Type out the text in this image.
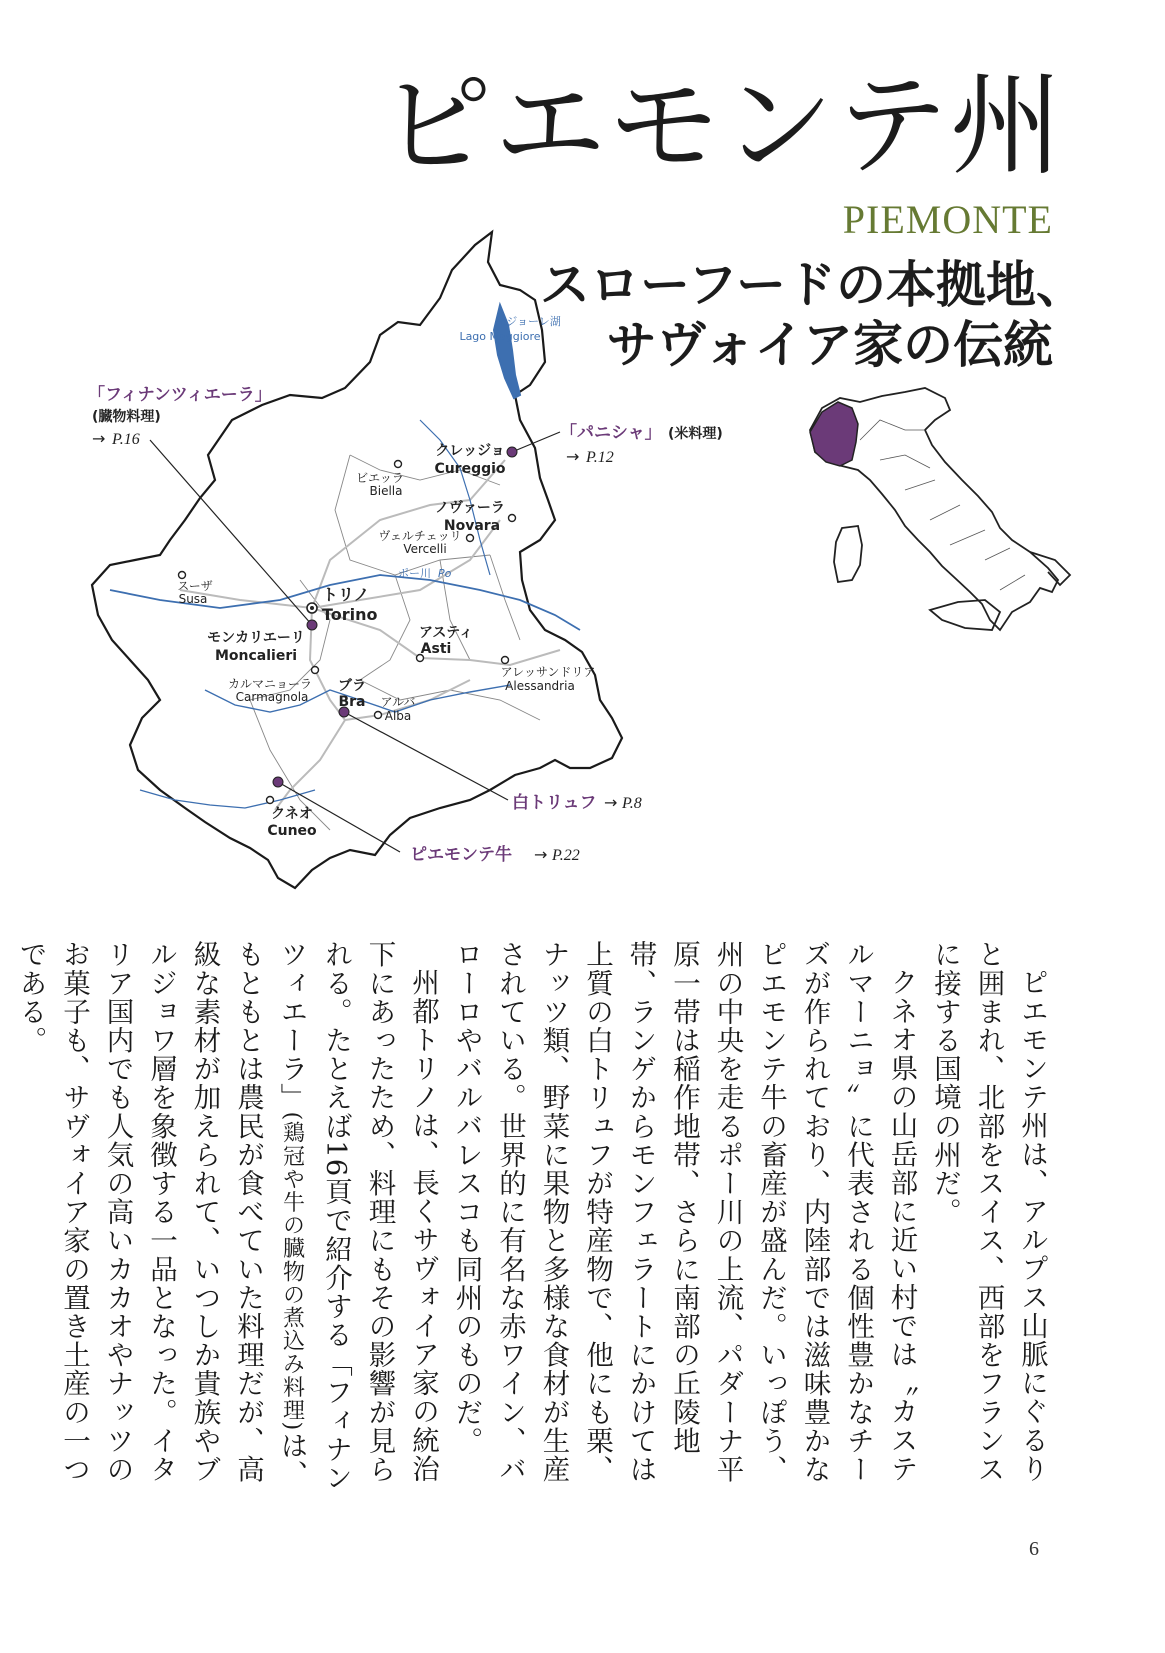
ピエモンテ州
PIEMONTE
スローフードの本拠地、
サヴォイア家の伝統
マジョーレ湖
Lago Maggiore
ポー川 Po
ビエッラ
Biella
クレッジョ
Cureggio
ノヴァーラ
Novara
ヴェルチェッリ
Vercelli
スーザ
Susa	トリノ
Torino
モンカリエーリ
Moncalieri
アスティ
Asti
カルマニョーラ
Carmagnola
ブラ
Bra アルバ
Alba
アレッサンドリア
Alessandria
クネオ
Cuneo
「フィナンツィエーラ」
(臓物料理)
→ P.16	「パニシャ」 (米料理)
→ P.12
白トリュフ → P.8
ピエモンテ牛 → P.22

ピエモンテ州は、アルプス山脈にぐるりと囲まれ、北部をスイス、西部をフランスに接する国境の州だ。

クネオ県の山岳部に近い村では〝カステルマーニョ〟に代表される個性豊かなチーズが作られており、内陸部では滋味豊かなピエモンテ牛の畜産が盛んだ。いっぽう、州の中央を走るポー川の上流、パダーナ平原一帯は稲作地帯、さらに南部の丘陵地帯、ランゲからモンフェラートにかけては上質の白トリュフが特産物で、他にも栗、ナッツ類、野菜に果物と多様な食材が生産されている。世界的に有名な赤ワイン、バローロやバルバレスコも同州のものだ。

州都トリノは、長くサヴォイア家の統治下にあったため、料理にもその影響が見られる。たとえば16頁で紹介する「フィナンツィエーラ」(鶏冠や牛の臓物の煮込み料理)は、もともとは農民が食べていた料理だが、高級な素材が加えられて、いつしか貴族やブルジョワ層を象徴する一品となった。イタリア国内でも人気の高いカカオやナッツのお菓子も、サヴォイア家の置き土産の一つである。

6
